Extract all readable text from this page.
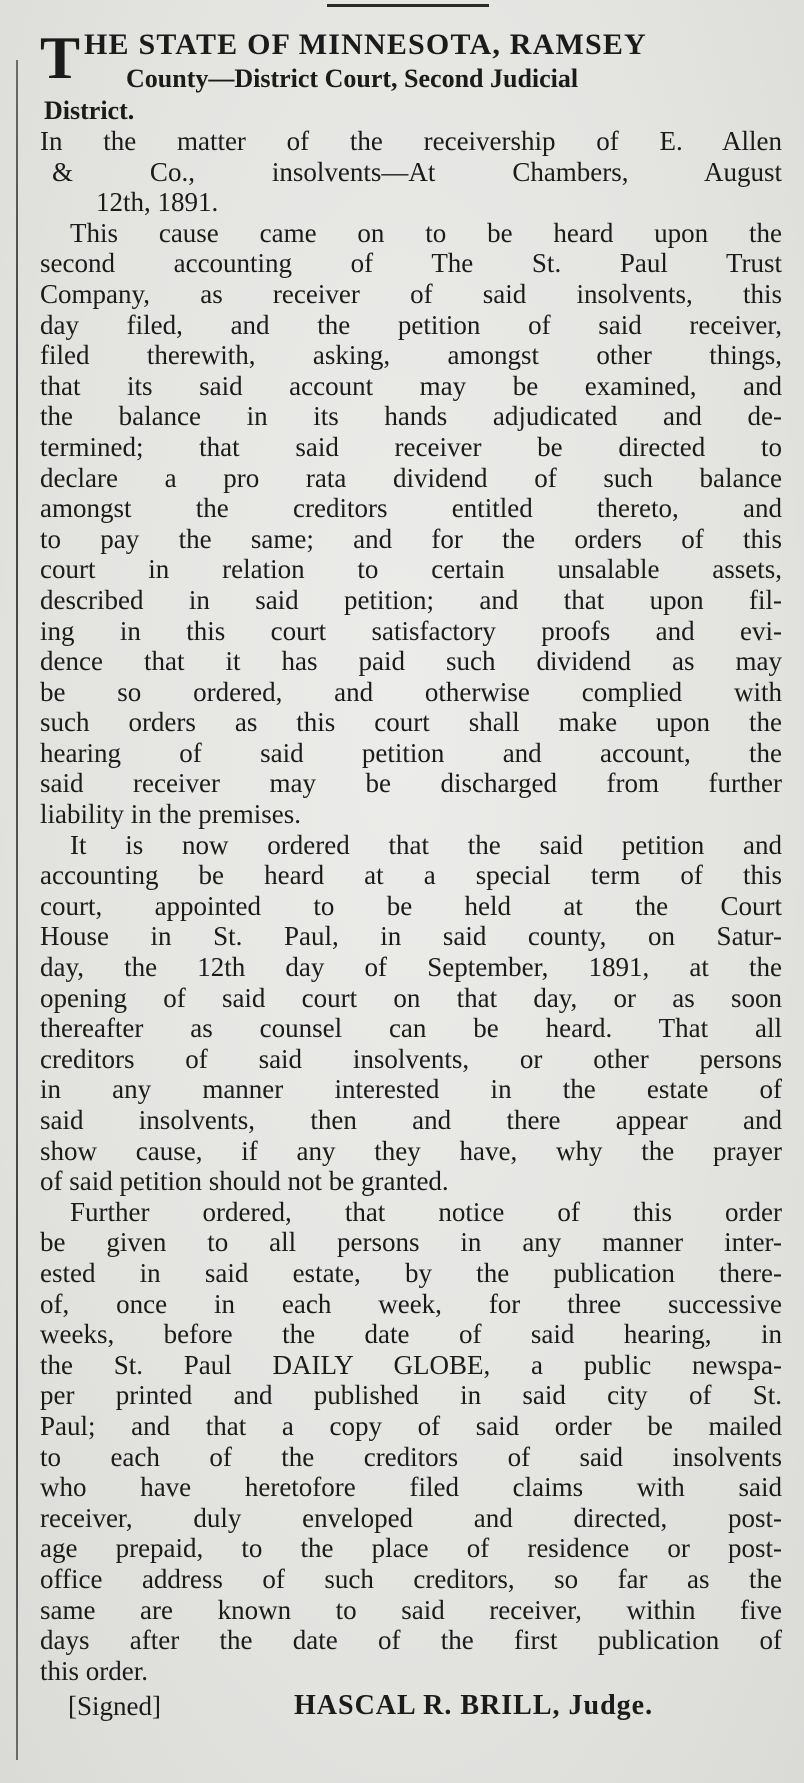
T HE STATE OF MINNESOTA, RAMSEY
County—District Court, Second Judicial
District.
In the matter of the receivership of E. Allen
& Co., insolvents—At Chambers, August
12th, 1891.
This cause came on to be heard upon the
second accounting of The St. Paul Trust
Company, as receiver of said insolvents, this
day filed, and the petition of said receiver,
filed therewith, asking, amongst other things,
that its said account may be examined, and
the balance in its hands adjudicated and de-
termined; that said receiver be directed to
declare a pro rata dividend of such balance
amongst the creditors entitled thereto, and
to pay the same; and for the orders of this
court in relation to certain unsalable assets,
described in said petition; and that upon fil-
ing in this court satisfactory proofs and evi-
dence that it has paid such dividend as may
be so ordered, and otherwise complied with
such orders as this court shall make upon the
hearing of said petition and account, the
said receiver may be discharged from further
liability in the premises.
It is now ordered that the said petition and
accounting be heard at a special term of this
court, appointed to be held at the Court
House in St. Paul, in said county, on Satur-
day, the 12th day of September, 1891, at the
opening of said court on that day, or as soon
thereafter as counsel can be heard. That all
creditors of said insolvents, or other persons
in any manner interested in the estate of
said insolvents, then and there appear and
show cause, if any they have, why the prayer
of said petition should not be granted.
Further ordered, that notice of this order
be given to all persons in any manner inter-
ested in said estate, by the publication there-
of, once in each week, for three successive
weeks, before the date of said hearing, in
the St. Paul DAILY GLOBE, a public newspa-
per printed and published in said city of St.
Paul; and that a copy of said order be mailed
to each of the creditors of said insolvents
who have heretofore filed claims with said
receiver, duly enveloped and directed, post-
age prepaid, to the place of residence or post-
office address of such creditors, so far as the
same are known to said receiver, within five
days after the date of the first publication of
this order.
[Signed]	HASCAL R. BRILL, Judge.
